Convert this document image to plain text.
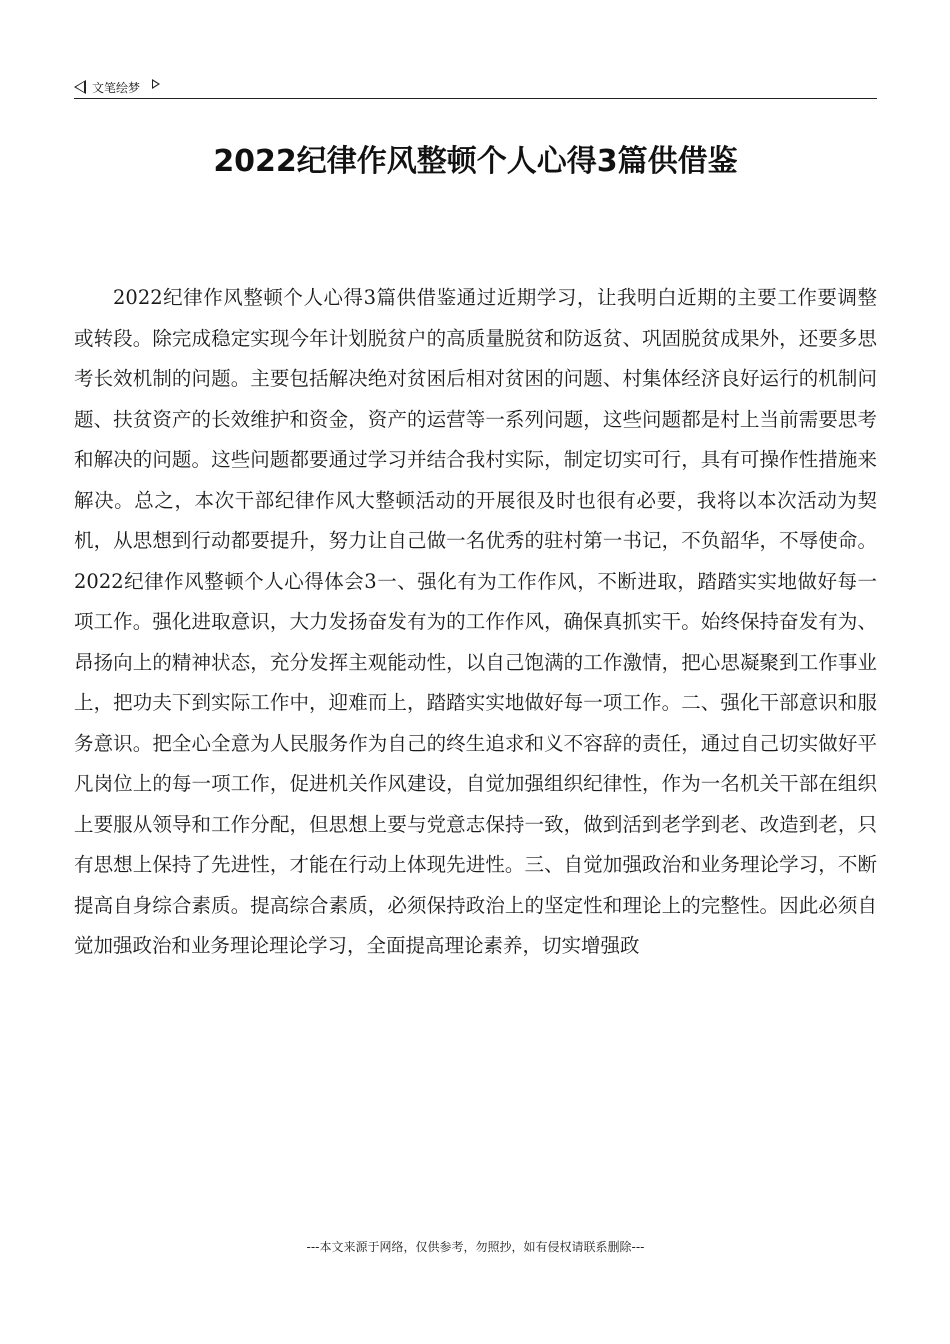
文笔绘梦
2022纪律作风整顿个人心得3篇供借鉴
2022纪律作风整顿个人心得3篇供借鉴通过近期学习，让我明白近期的主要工作要调整或转段。除完成稳定实现今年计划脱贫户的高质量脱贫和防返贫、巩固脱贫成果外，还要多思考长效机制的问题。主要包括解决绝对贫困后相对贫困的问题、村集体经济良好运行的机制问题、扶贫资产的长效维护和资金，资产的运营等一系列问题，这些问题都是村上当前需要思考和解决的问题。这些问题都要通过学习并结合我村实际，制定切实可行，具有可操作性措施来解决。总之，本次干部纪律作风大整顿活动的开展很及时也很有必要，我将以本次活动为契机，从思想到行动都要提升，努力让自己做一名优秀的驻村第一书记，不负韶华，不辱使命。2022纪律作风整顿个人心得体会3一、强化有为工作作风，不断进取，踏踏实实地做好每一项工作。强化进取意识，大力发扬奋发有为的工作作风，确保真抓实干。始终保持奋发有为、昂扬向上的精神状态，充分发挥主观能动性，以自己饱满的工作激情，把心思凝聚到工作事业上，把功夫下到实际工作中，迎难而上，踏踏实实地做好每一项工作。二、强化干部意识和服务意识。把全心全意为人民服务作为自己的终生追求和义不容辞的责任，通过自己切实做好平凡岗位上的每一项工作，促进机关作风建设，自觉加强组织纪律性，作为一名机关干部在组织上要服从领导和工作分配，但思想上要与党意志保持一致，做到活到老学到老、改造到老，只有思想上保持了先进性，才能在行动上体现先进性。三、自觉加强政治和业务理论学习，不断提高自身综合素质。提高综合素质，必须保持政治上的坚定性和理论上的完整性。因此必须自觉加强政治和业务理论理论学习，全面提高理论素养，切实增强政
---本文来源于网络，仅供参考，勿照抄，如有侵权请联系删除---
